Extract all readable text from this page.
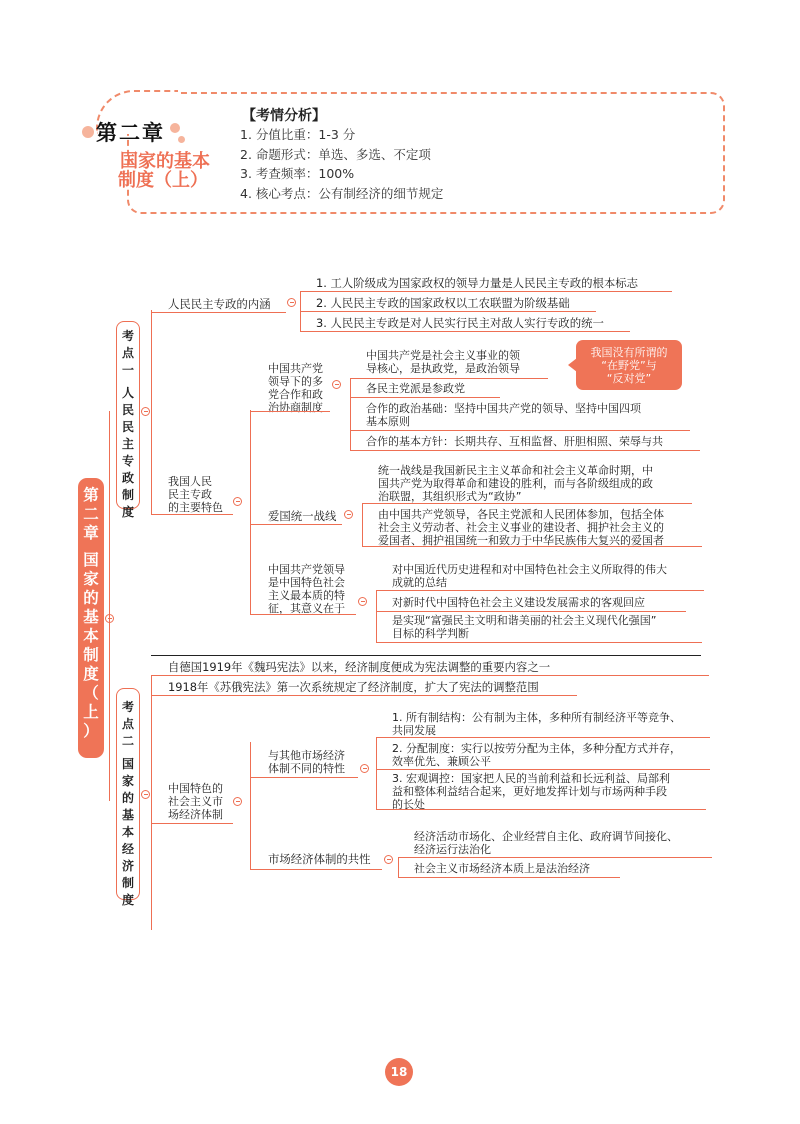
第二章
国家的基本
制度（上）
【考情分析】
1. 分值比重：1-3 分
2. 命题形式：单选、多选、不定项
3. 考查频率：100%
4. 核心考点：公有制经济的细节规定
第
二
章
国
家
的
基
本
制
度
（
上
）
考
点
一
人
民
民
主
专
政
制
度
人民民主专政的内涵
1. 工人阶级成为国家政权的领导力量是人民民主专政的根本标志
2. 人民民主专政的国家政权以工农联盟为阶级基础
3. 人民民主专政是对人民实行民主对敌人实行专政的统一
我国人民
民主专政
的主要特色
中国共产党
领导下的多
党合作和政
治协商制度
中国共产党是社会主义事业的领
导核心，是执政党，是政治领导
各民主党派是参政党
合作的政治基础：坚持中国共产党的领导、坚持中国四项
基本原则
合作的基本方针：长期共存、互相监督、肝胆相照、荣辱与共
我国没有所谓的
“在野党”与
“反对党”
爱国统一战线
统一战线是我国新民主主义革命和社会主义革命时期，中
国共产党为取得革命和建设的胜利，而与各阶级组成的政
治联盟，其组织形式为“政协”
由中国共产党领导，各民主党派和人民团体参加，包括全体
社会主义劳动者、社会主义事业的建设者、拥护社会主义的
爱国者、拥护祖国统一和致力于中华民族伟大复兴的爱国者
中国共产党领导
是中国特色社会
主义最本质的特
征，其意义在于
对中国近代历史进程和对中国特色社会主义所取得的伟大
成就的总结
对新时代中国特色社会主义建设发展需求的客观回应
是实现“富强民主文明和谐美丽的社会主义现代化强国”
目标的科学判断
自德国1919年《魏玛宪法》以来，经济制度便成为宪法调整的重要内容之一
1918年《苏俄宪法》第一次系统规定了经济制度，扩大了宪法的调整范围
考
点
二
国
家
的
基
本
经
济
制
度
中国特色的
社会主义市
场经济体制
与其他市场经济
体制不同的特性
1. 所有制结构：公有制为主体，多种所有制经济平等竞争、
共同发展
2. 分配制度：实行以按劳分配为主体，多种分配方式并存，
效率优先、兼顾公平
3. 宏观调控：国家把人民的当前利益和长远利益、局部利
益和整体利益结合起来，更好地发挥计划与市场两种手段
的长处
市场经济体制的共性
经济活动市场化、企业经营自主化、政府调节间接化、
经济运行法治化
社会主义市场经济本质上是法治经济
18
